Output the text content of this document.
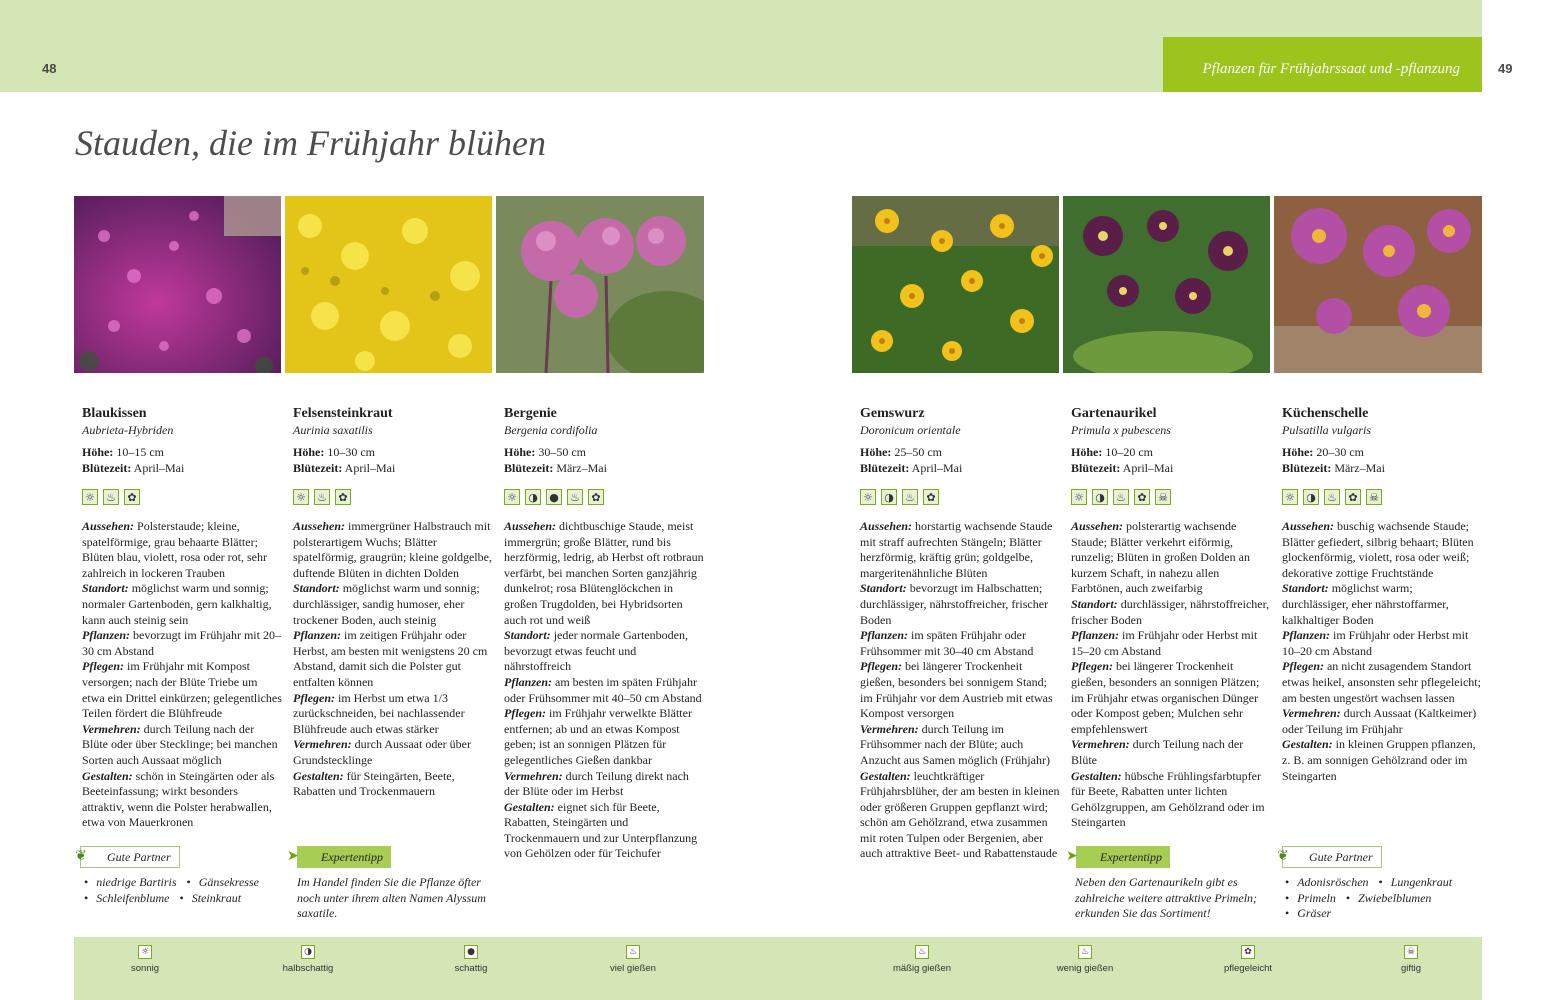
48	Pflanzen für Frühjahrssaat und -pflanzung	49
Stauden, die im Frühjahr blühen
Blaukissen
Aubrieta-Hybriden
Höhe: 10–15 cm
Blütezeit: April–Mai
☼ ♨	✿

Aussehen: Polsterstaude; kleine, spatelförmige, grau behaarte Blätter; Blüten blau, violett, rosa oder rot, sehr zahlreich in lockeren Trauben

Standort: möglichst warm und sonnig; normaler Gartenboden, gern kalkhaltig, kann auch steinig sein

Pflanzen: bevorzugt im Frühjahr mit 20–30 cm Abstand

Pflegen: im Frühjahr mit Kompost versorgen; nach der Blüte Triebe um etwa ein Drittel einkürzen; gelegentliches Teilen fördert die Blühfreude

Vermehren: durch Teilung nach der Blüte oder über Stecklinge; bei manchen Sorten auch Aussaat möglich

Gestalten: schön in Steingärten oder als Beeteinfassung; wirkt besonders attraktiv, wenn die Polster herabwallen, etwa von Mauerkronen

Felsensteinkraut
Aurinia saxatilis
Höhe: 10–30 cm
Blütezeit: April–Mai
☼ ♨	✿

Aussehen: immergrüner Halbstrauch mit polsterartigem Wuchs; Blätter spatelförmig, graugrün; kleine goldgelbe, duftende Blüten in dichten Dolden

Standort: möglichst warm und sonnig; durchlässiger, sandig humoser, eher trockener Boden, auch steinig

Pflanzen: im zeitigen Frühjahr oder Herbst, am besten mit wenigstens 20 cm Abstand, damit sich die Polster gut entfalten können

Pflegen: im Herbst um etwa 1/3 zurückschneiden, bei nachlassender Blühfreude auch etwas stärker

Vermehren: durch Aussaat oder über Grundstecklinge

Gestalten: für Steingärten, Beete, Rabatten und Trockenmauern

Bergenie
Bergenia cordifolia
Höhe: 30–50 cm
Blütezeit: März–Mai
☼ ◑ ● ♨	✿

Aussehen: dichtbuschige Staude, meist immergrün; große Blätter, rund bis herzförmig, ledrig, ab Herbst oft rotbraun verfärbt, bei manchen Sorten ganzjährig dunkelrot; rosa Blütenglöckchen in großen Trugdolden, bei Hybridsorten auch rot und weiß

Standort: jeder normale Gartenboden, bevorzugt etwas feucht und nährstoffreich

Pflanzen: am besten im späten Frühjahr oder Frühsommer mit 40–50 cm Abstand

Pflegen: im Frühjahr verwelkte Blätter entfernen; ab und an etwas Kompost geben; ist an sonnigen Plätzen für gelegentliches Gießen dankbar

Vermehren: durch Teilung direkt nach der Blüte oder im Herbst

Gestalten: eignet sich für Beete, Rabatten, Steingärten und Trockenmauern und zur Unterpflanzung von Gehölzen oder für Teichufer

Gemswurz
Doronicum orientale
Höhe: 25–50 cm
Blütezeit: April–Mai
☼ ◑ ♨	✿

Aussehen: horstartig wachsende Staude mit straff aufrechten Stängeln; Blätter herzförmig, kräftig grün; goldgelbe, margeritenähnliche Blüten

Standort: bevorzugt im Halbschatten; durchlässiger, nährstoffreicher, frischer Boden

Pflanzen: im späten Frühjahr oder Frühsommer mit 30–40 cm Abstand

Pflegen: bei längerer Trockenheit gießen, besonders bei sonnigem Stand; im Frühjahr vor dem Austrieb mit etwas Kompost versorgen

Vermehren: durch Teilung im Frühsommer nach der Blüte; auch Anzucht aus Samen möglich (Frühjahr)

Gestalten: leuchtkräftiger Frühjahrsblüher, der am besten in kleinen oder größeren Gruppen gepflanzt wird; schön am Gehölzrand, etwa zusammen mit roten Tulpen oder Bergenien, aber auch attraktive Beet- und Rabattenstaude

Gartenaurikel
Primula x pubescens
Höhe: 10–20 cm
Blütezeit: April–Mai
☼ ◑ ♨	✿	☠

Aussehen: polsterartig wachsende Staude; Blätter verkehrt eiförmig, runzelig; Blüten in großen Dolden an kurzem Schaft, in nahezu allen Farbtönen, auch zweifarbig

Standort: durchlässiger, nährstoffreicher, frischer Boden

Pflanzen: im Frühjahr oder Herbst mit 15–20 cm Abstand

Pflegen: bei längerer Trockenheit gießen, besonders an sonnigen Plätzen; im Frühjahr etwas organischen Dünger oder Kompost geben; Mulchen sehr empfehlenswert

Vermehren: durch Teilung nach der Blüte

Gestalten: hübsche Frühlingsfarbtupfer für Beete, Rabatten unter lichten Gehölzgruppen, am Gehölzrand oder im Steingarten

Küchenschelle
Pulsatilla vulgaris
Höhe: 20–30 cm
Blütezeit: März–Mai
☼ ◑ ♨	✿	☠

Aussehen: buschig wachsende Staude; Blätter gefiedert, silbrig behaart; Blüten glockenförmig, violett, rosa oder weiß; dekorative zottige Fruchtstände

Standort: möglichst warm; durchlässiger, eher nährstoffarmer, kalkhaltiger Boden

Pflanzen: im Frühjahr oder Herbst mit 10–20 cm Abstand

Pflegen: an nicht zusagendem Standort etwas heikel, ansonsten sehr pflegeleicht; am besten ungestört wachsen lassen

Vermehren: durch Aussaat (Kaltkeimer) oder Teilung im Frühjahr

Gestalten: in kleinen Gruppen pflanzen, z. B. am sonnigen Gehölzrand oder im Steingarten

❦ Gute Partner
• niedrige Bartiris	• Gänsekresse
• Schleifenblume	• Steinkraut
➤ Expertentipp
Im Handel finden Sie die Pflanze öfter noch unter ihrem alten Namen Alyssum saxatile.
➤ Expertentipp
Neben den Gartenaurikeln gibt es zahlreiche weitere attraktive Primeln; erkunden Sie das Sortiment!
❦ Gute Partner
• Adonisröschen	• Lungenkraut
• Primeln	• Zwiebelblumen
• Gräser
☼
sonnig
◑
halbschattig
●
schattig
♨
viel gießen
♨
mäßig gießen
♨
wenig gießen
✿
pflegeleicht
☠
giftig
